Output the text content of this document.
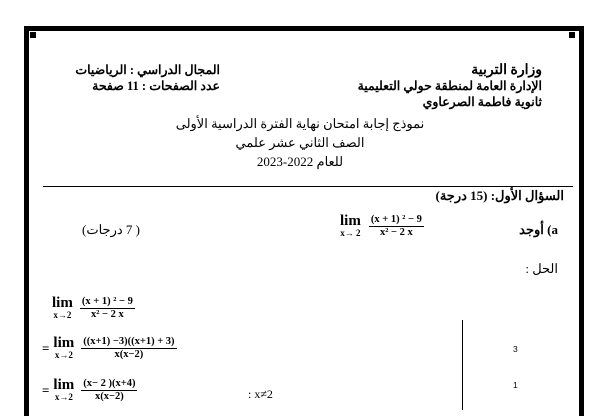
وزارة التربية
الإدارة العامة لمنطقة حولي التعليمية
ثانوية فاطمة الصرعاوي
المجال الدراسي : الرياضيات
عدد الصفحات : 11 صفحة
نموذج إجابة امتحان نهاية الفترة الدراسية الأولى
الصف الثاني عشر علمي
للعام 2022-2023
السؤال الأول: (15 درجة)
a) أوجد
lim
x→ 2
$\frac{\text{(x + 1) ² − 9}}{\text{x² − 2 x}}$
( 7 درجات)
الحل :
lim
x→2
$\frac{\text{(x + 1) ² − 9}}{\text{x² − 2 x}}$
= lim
x→2
$\frac{((x+1) -3)((x+1) + 3)}{x(x-2)}$
= lim
x→2
$\frac{(x- 2 )(x+4)}{x(x-2)}$	: x≠2
3
1
